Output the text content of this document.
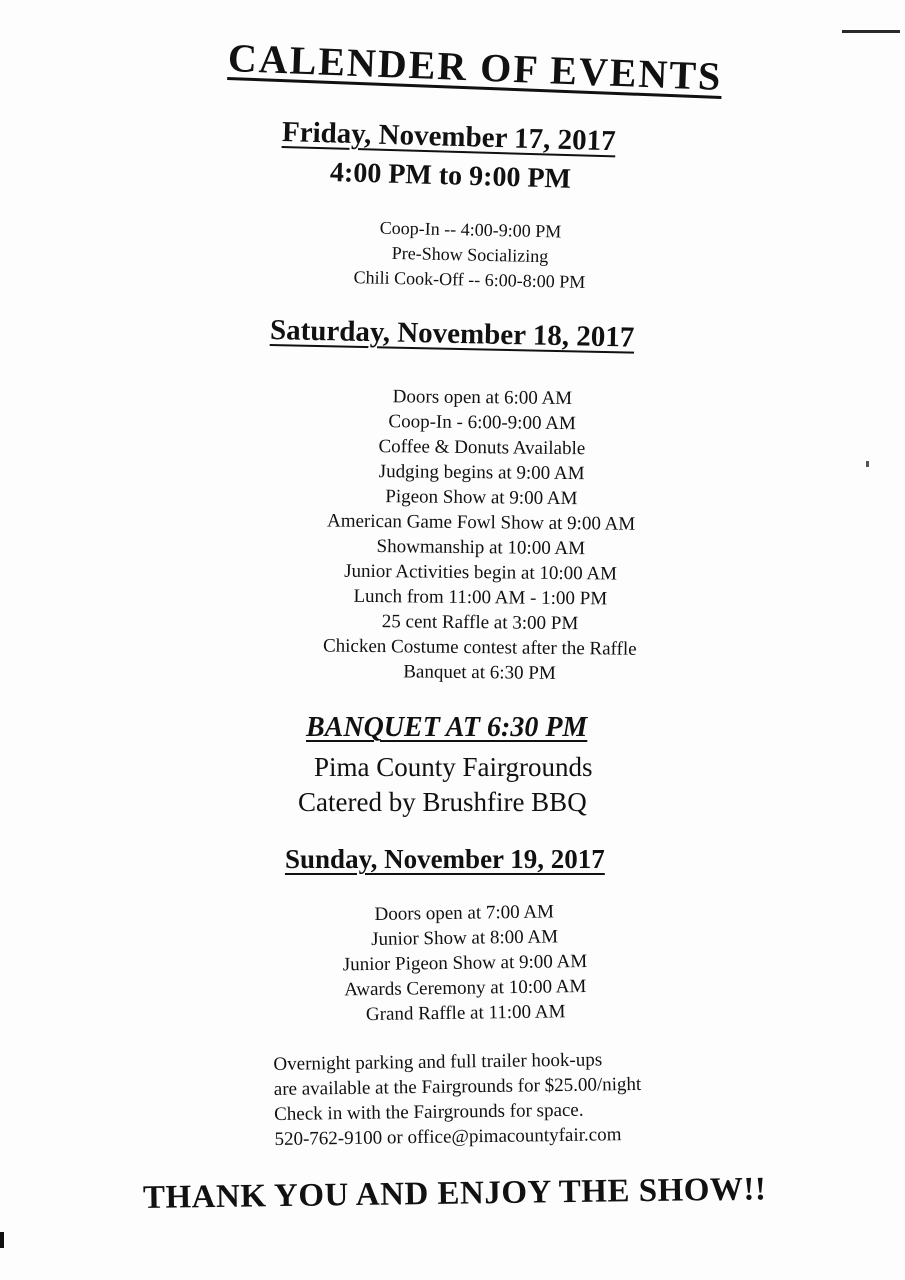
CALENDER OF EVENTS
Friday, November 17, 2017
4:00 PM to 9:00 PM
Coop-In -- 4:00-9:00 PM
Pre-Show Socializing
Chili Cook-Off -- 6:00-8:00 PM
Saturday, November 18, 2017
Doors open at 6:00 AM
Coop-In - 6:00-9:00 AM
Coffee & Donuts Available
Judging begins at 9:00 AM
Pigeon Show at 9:00 AM
American Game Fowl Show at 9:00 AM
Showmanship at 10:00 AM
Junior Activities begin at 10:00 AM
Lunch from 11:00 AM - 1:00 PM
25 cent Raffle at 3:00 PM
Chicken Costume contest after the Raffle
Banquet at 6:30 PM
BANQUET AT 6:30 PM
Pima County Fairgrounds
Catered by Brushfire BBQ
Sunday, November 19, 2017
Doors open at 7:00 AM
Junior Show at 8:00 AM
Junior Pigeon Show at 9:00 AM
Awards Ceremony at 10:00 AM
Grand Raffle at 11:00 AM
Overnight parking and full trailer hook-ups
are available at the Fairgrounds for $25.00/night
Check in with the Fairgrounds for space.
520-762-9100 or office@pimacountyfair.com
THANK YOU AND ENJOY THE SHOW!!
